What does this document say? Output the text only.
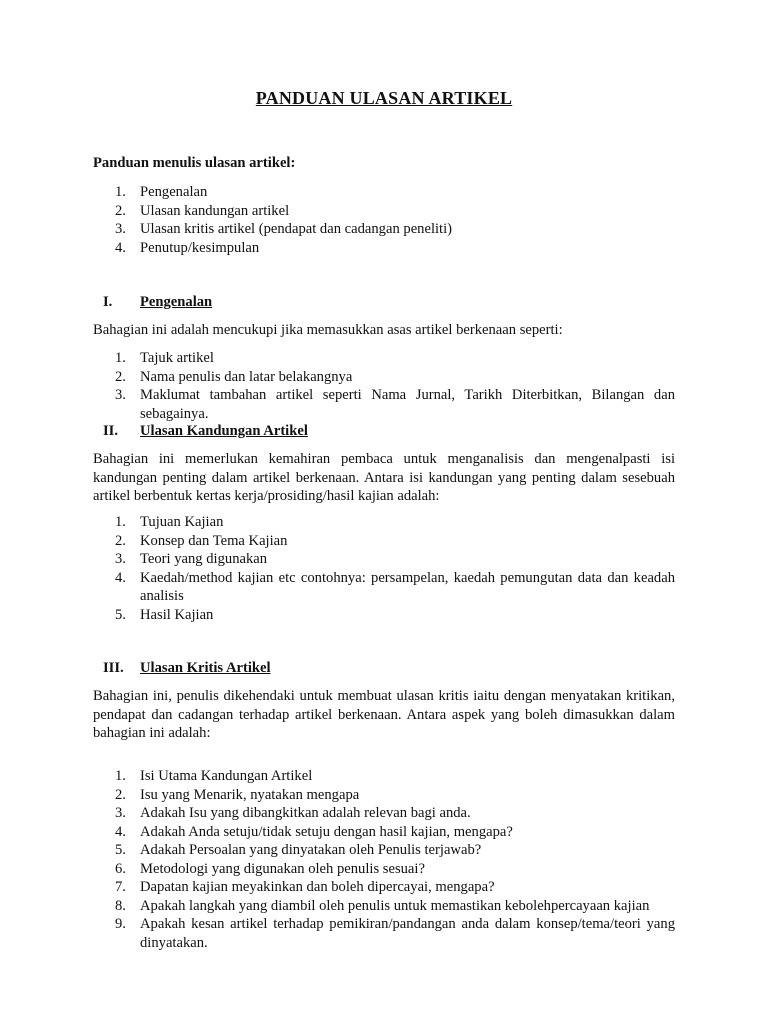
PANDUAN ULASAN ARTIKEL
Panduan menulis ulasan artikel:
1. Pengenalan
2. Ulasan kandungan artikel
3. Ulasan kritis artikel (pendapat dan cadangan peneliti)
4. Penutup/kesimpulan
I. Pengenalan
Bahagian ini adalah mencukupi jika memasukkan asas artikel berkenaan seperti:
1. Tajuk artikel
2. Nama penulis dan latar belakangnya
3. Maklumat tambahan artikel seperti Nama Jurnal, Tarikh Diterbitkan, Bilangan dan sebagainya.
II. Ulasan Kandungan Artikel
Bahagian ini memerlukan kemahiran pembaca untuk menganalisis dan mengenalpasti isi kandungan penting dalam artikel berkenaan. Antara isi kandungan yang penting dalam sesebuah artikel berbentuk kertas kerja/prosiding/hasil kajian adalah:
1. Tujuan Kajian
2. Konsep dan Tema Kajian
3. Teori yang digunakan
4. Kaedah/method kajian etc contohnya: persampelan, kaedah pemungutan data dan keadah analisis
5. Hasil Kajian
III. Ulasan Kritis Artikel
Bahagian ini, penulis dikehendaki untuk membuat ulasan kritis iaitu dengan menyatakan kritikan, pendapat dan cadangan terhadap artikel berkenaan. Antara aspek yang boleh dimasukkan dalam bahagian ini adalah:
1. Isi Utama Kandungan Artikel
2. Isu yang Menarik, nyatakan mengapa
3. Adakah Isu yang dibangkitkan adalah relevan bagi anda.
4. Adakah Anda setuju/tidak setuju dengan hasil kajian, mengapa?
5. Adakah Persoalan yang dinyatakan oleh Penulis terjawab?
6. Metodologi yang digunakan oleh penulis sesuai?
7. Dapatan kajian meyakinkan dan boleh dipercayai, mengapa?
8. Apakah langkah yang diambil oleh penulis untuk memastikan kebolehpercayaan kajian
9. Apakah kesan artikel terhadap pemikiran/pandangan anda dalam konsep/tema/teori yang dinyatakan.
